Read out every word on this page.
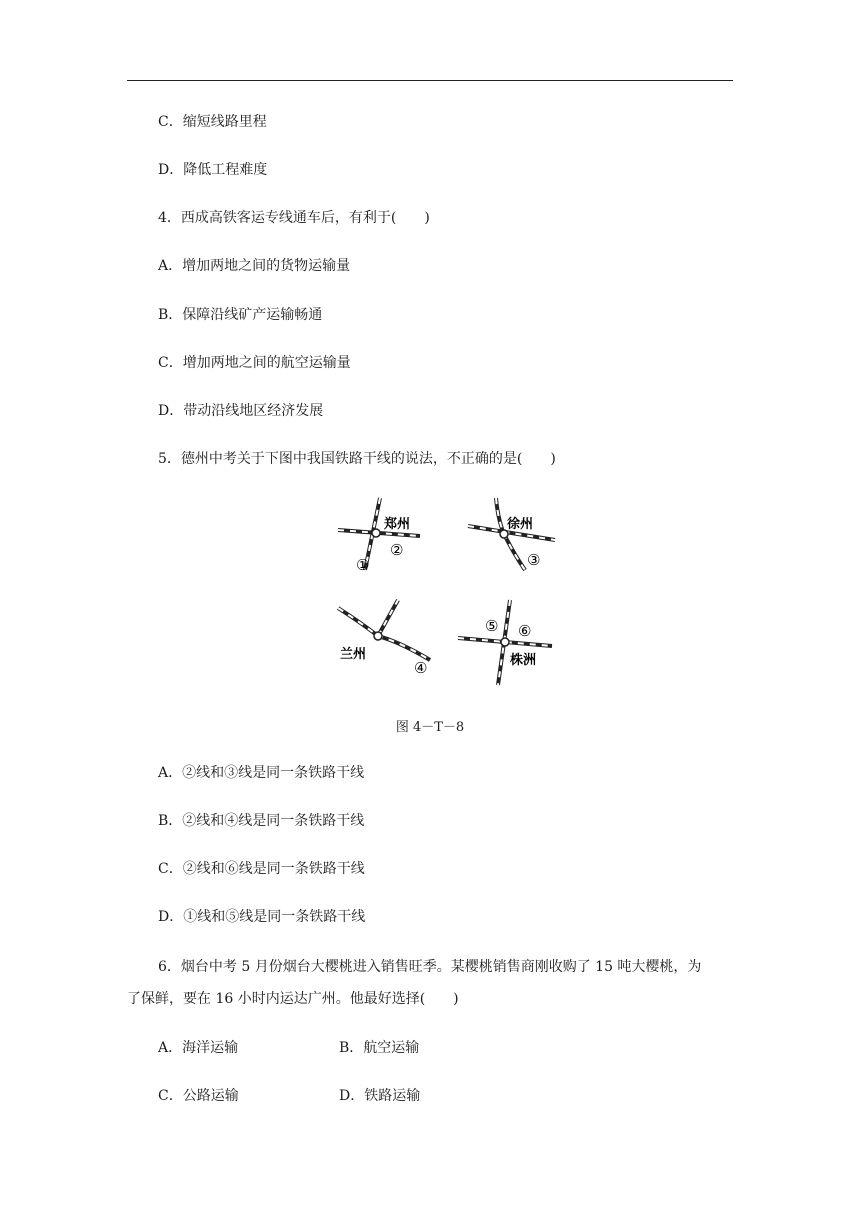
C．缩短线路里程
D．降低工程难度
4．西成高铁客运专线通车后，有利于(　　)
A．增加两地之间的货物运输量
B．保障沿线矿产运输畅通
C．增加两地之间的航空运输量
D．带动沿线地区经济发展
5．德州中考关于下图中我国铁路干线的说法，不正确的是(　　)
郑州
②
①
徐州
③
兰州
④
⑤ ⑥
株洲
图 4－T－8
A．②线和③线是同一条铁路干线
B．②线和④线是同一条铁路干线
C．②线和⑥线是同一条铁路干线
D．①线和⑤线是同一条铁路干线
6．烟台中考 5 月份烟台大樱桃进入销售旺季。某樱桃销售商刚收购了 15 吨大樱桃，为
了保鲜，要在 16 小时内运达广州。他最好选择(　　)
A．海洋运输	B．航空运输
C．公路运输	D．铁路运输
